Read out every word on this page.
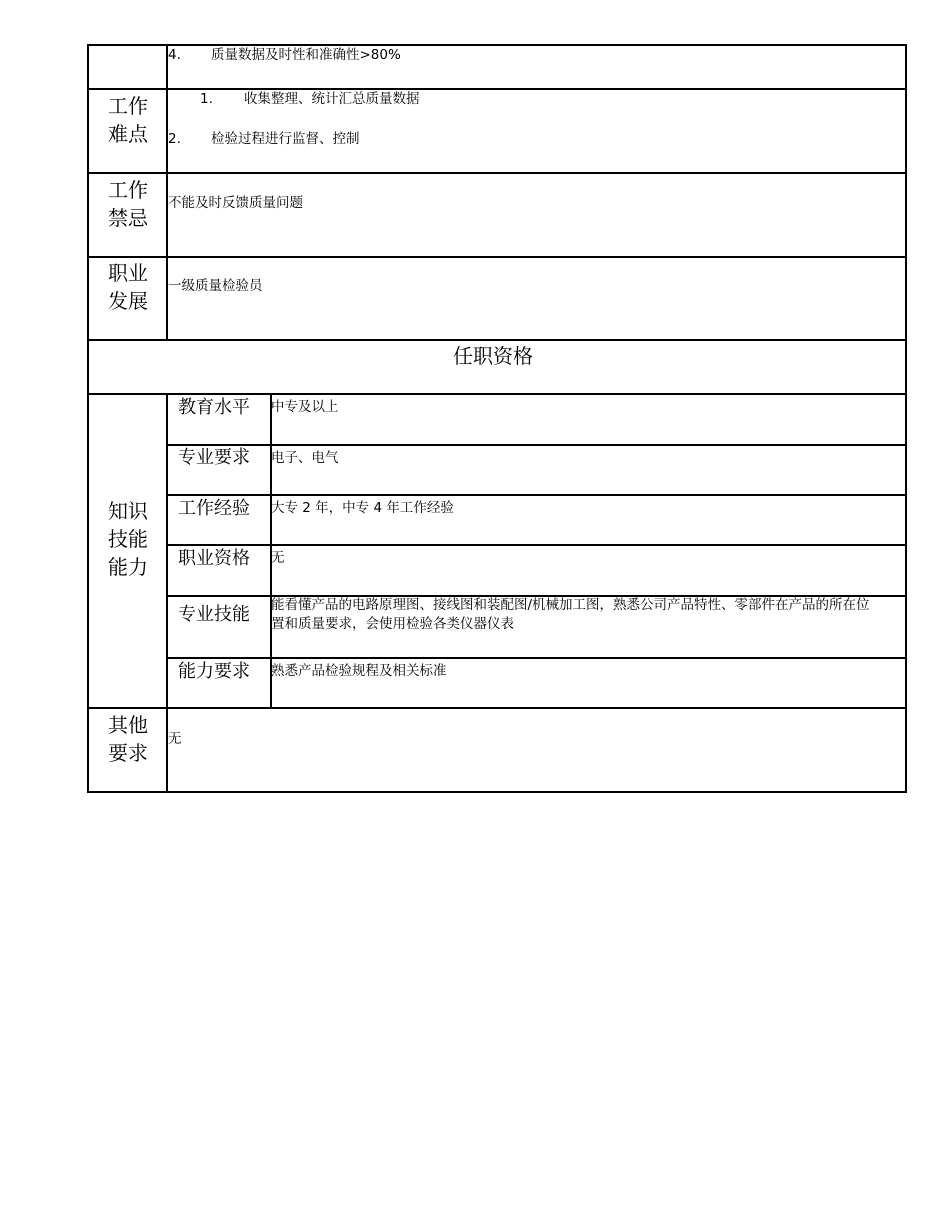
4. 质量数据及时性和准确性>80%
工作
难点
1. 收集整理、统计汇总质量数据
2. 检验过程进行监督、控制
工作
禁忌
不能及时反馈质量问题
职业
发展
一级质量检验员
任职资格
知识
技能
能力
教育水平 中专及以上
专业要求 电子、电气
工作经验 大专 2 年，中专 4 年工作经验
职业资格 无
专业技能 能看懂产品的电路原理图、接线图和装配图/机械加工图，熟悉公司产品特性、零部件在产品的所在位
置和质量要求，会使用检验各类仪器仪表
能力要求 熟悉产品检验规程及相关标准
其他
要求
无
